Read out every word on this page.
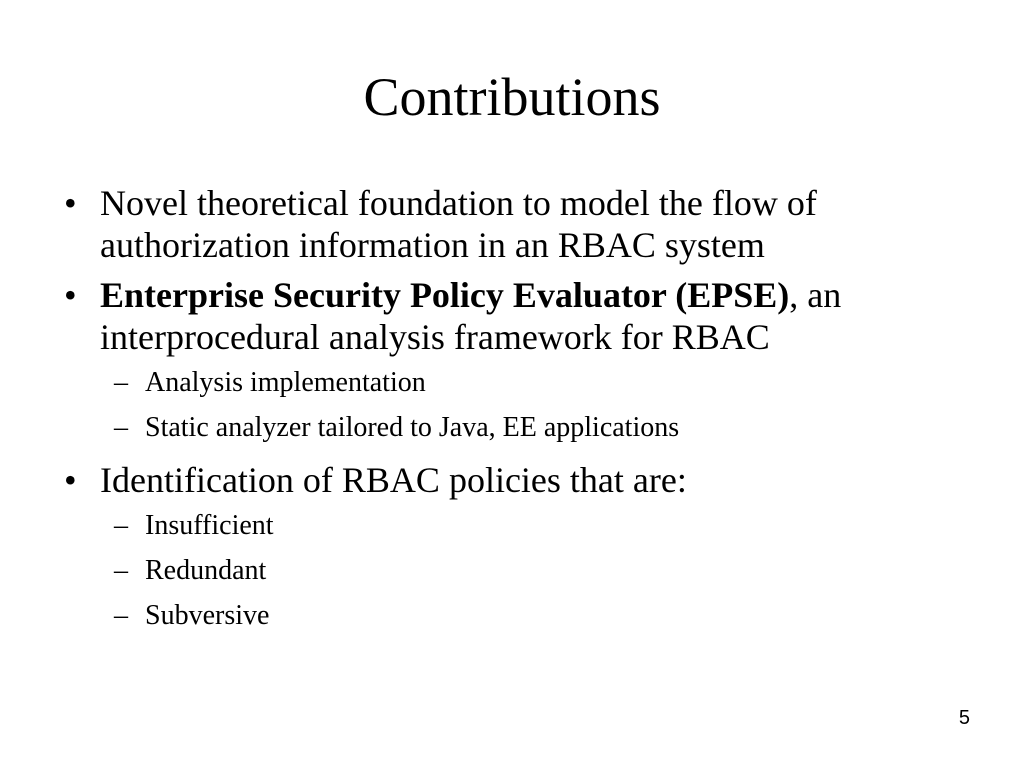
Contributions
• Novel theoretical foundation to model the flow of authorization information in an RBAC system
• Enterprise Security Policy Evaluator (EPSE), an interprocedural analysis framework for RBAC
– Analysis implementation
– Static analyzer tailored to Java, EE applications
• Identification of RBAC policies that are:
– Insufficient
– Redundant
– Subversive
5
